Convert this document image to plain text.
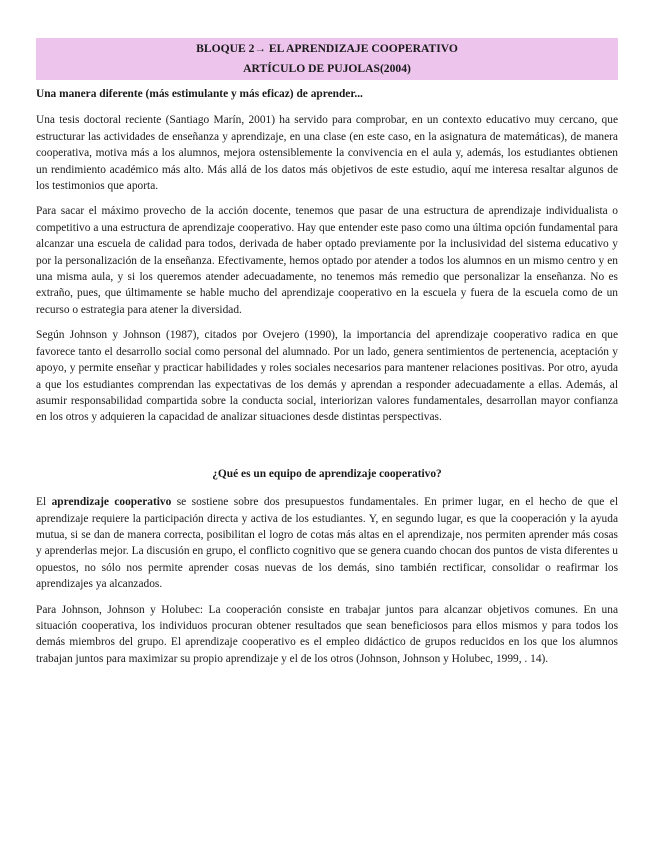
BLOQUE 2→ EL APRENDIZAJE COOPERATIVO
ARTÍCULO DE PUJOLAS(2004)
Una manera diferente (más estimulante y más eficaz) de aprender...

Una tesis doctoral reciente (Santiago Marín, 2001) ha servido para comprobar, en un contexto educativo muy cercano, que estructurar las actividades de enseñanza y aprendizaje, en una clase (en este caso, en la asignatura de matemáticas), de manera cooperativa, motiva más a los alumnos, mejora ostensiblemente la convivencia en el aula y, además, los estudiantes obtienen un rendimiento académico más alto. Más allá de los datos más objetivos de este estudio, aquí me interesa resaltar algunos de los testimonios que aporta.

Para sacar el máximo provecho de la acción docente, tenemos que pasar de una estructura de aprendizaje individualista o competitivo a una estructura de aprendizaje cooperativo. Hay que entender este paso como una última opción fundamental para alcanzar una escuela de calidad para todos, derivada de haber optado previamente por la inclusividad del sistema educativo y por la personalización de la enseñanza. Efectivamente, hemos optado por atender a todos los alumnos en un mismo centro y en una misma aula, y si los queremos atender adecuadamente, no tenemos más remedio que personalizar la enseñanza. No es extraño, pues, que últimamente se hable mucho del aprendizaje cooperativo en la escuela y fuera de la escuela como de un recurso o estrategia para atener la diversidad.

Según Johnson y Johnson (1987), citados por Ovejero (1990), la importancia del aprendizaje cooperativo radica en que favorece tanto el desarrollo social como personal del alumnado. Por un lado, genera sentimientos de pertenencia, aceptación y apoyo, y permite enseñar y practicar habilidades y roles sociales necesarios para mantener relaciones positivas. Por otro, ayuda a que los estudiantes comprendan las expectativas de los demás y aprendan a responder adecuadamente a ellas. Además, al asumir responsabilidad compartida sobre la conducta social, interiorizan valores fundamentales, desarrollan mayor confianza en los otros y adquieren la capacidad de analizar situaciones desde distintas perspectivas.

¿Qué es un equipo de aprendizaje cooperativo?

El aprendizaje cooperativo se sostiene sobre dos presupuestos fundamentales. En primer lugar, en el hecho de que el aprendizaje requiere la participación directa y activa de los estudiantes. Y, en segundo lugar, es que la cooperación y la ayuda mutua, si se dan de manera correcta, posibilitan el logro de cotas más altas en el aprendizaje, nos permiten aprender más cosas y aprenderlas mejor. La discusión en grupo, el conflicto cognitivo que se genera cuando chocan dos puntos de vista diferentes u opuestos, no sólo nos permite aprender cosas nuevas de los demás, sino también rectificar, consolidar o reafirmar los aprendizajes ya alcanzados.

Para Johnson, Johnson y Holubec: La cooperación consiste en trabajar juntos para alcanzar objetivos comunes. En una situación cooperativa, los individuos procuran obtener resultados que sean beneficiosos para ellos mismos y para todos los demás miembros del grupo. El aprendizaje cooperativo es el empleo didáctico de grupos reducidos en los que los alumnos trabajan juntos para maximizar su propio aprendizaje y el de los otros (Johnson, Johnson y Holubec, 1999, . 14).
